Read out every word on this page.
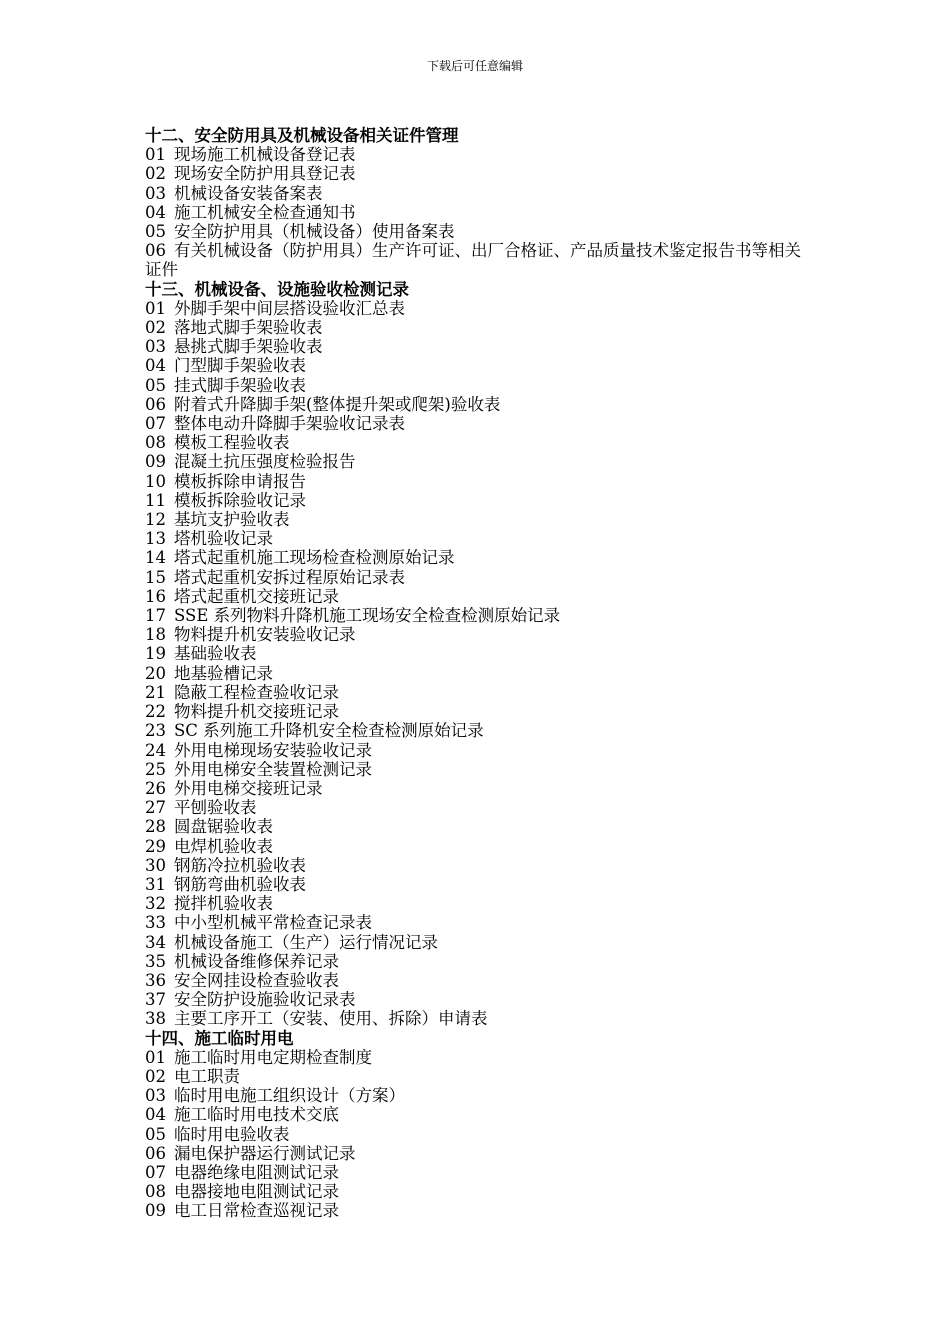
下载后可任意编辑
十二、安全防用具及机械设备相关证件管理
01 现场施工机械设备登记表
02 现场安全防护用具登记表
03 机械设备安装备案表
04 施工机械安全检查通知书
05 安全防护用具（机械设备）使用备案表
06 有关机械设备（防护用具）生产许可证、出厂合格证、产品质量技术鉴定报告书等相关证件
十三、机械设备、设施验收检测记录
01 外脚手架中间层搭设验收汇总表
02 落地式脚手架验收表
03 悬挑式脚手架验收表
04 门型脚手架验收表
05 挂式脚手架验收表
06 附着式升降脚手架(整体提升架或爬架)验收表
07 整体电动升降脚手架验收记录表
08 模板工程验收表
09 混凝土抗压强度检验报告
10 模板拆除申请报告
11 模板拆除验收记录
12 基坑支护验收表
13 塔机验收记录
14 塔式起重机施工现场检查检测原始记录
15 塔式起重机安拆过程原始记录表
16 塔式起重机交接班记录
17 SSE 系列物料升降机施工现场安全检查检测原始记录
18 物料提升机安装验收记录
19 基础验收表
20 地基验槽记录
21 隐蔽工程检查验收记录
22 物料提升机交接班记录
23 SC 系列施工升降机安全检查检测原始记录
24 外用电梯现场安装验收记录
25 外用电梯安全装置检测记录
26 外用电梯交接班记录
27 平刨验收表
28 圆盘锯验收表
29 电焊机验收表
30 钢筋冷拉机验收表
31 钢筋弯曲机验收表
32 搅拌机验收表
33 中小型机械平常检查记录表
34 机械设备施工（生产）运行情况记录
35 机械设备维修保养记录
36 安全网挂设检查验收表
37 安全防护设施验收记录表
38 主要工序开工（安装、使用、拆除）申请表
十四、施工临时用电
01 施工临时用电定期检查制度
02 电工职责
03 临时用电施工组织设计（方案）
04 施工临时用电技术交底
05 临时用电验收表
06 漏电保护器运行测试记录
07 电器绝缘电阻测试记录
08 电器接地电阻测试记录
09 电工日常检查巡视记录
